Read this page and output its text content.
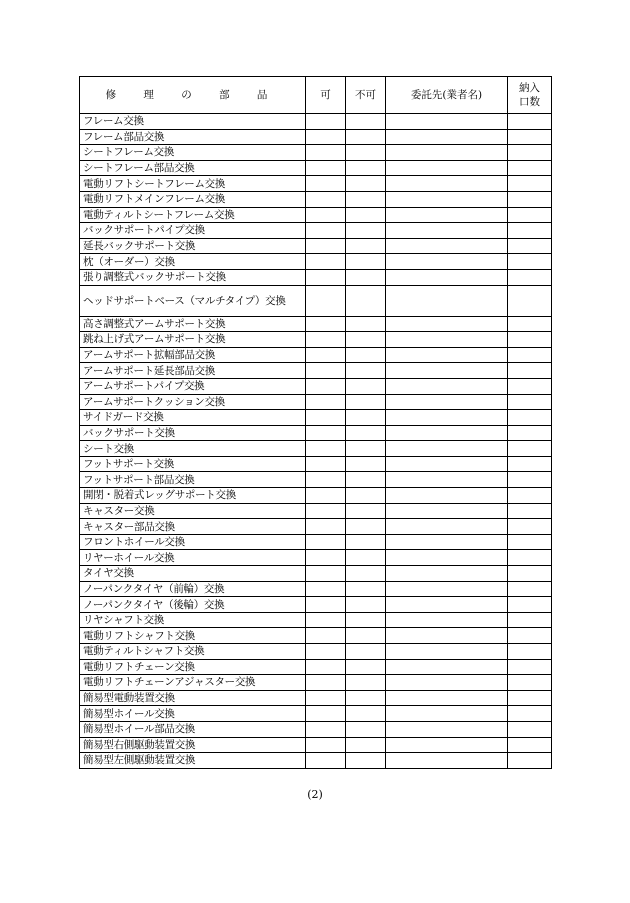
修 理 の 部 品	可	不可	委託先(業者名)	納入
口数

フレーム交換				
フレーム部品交換				
シートフレーム交換				
シートフレーム部品交換				
電動リフトシートフレーム交換				
電動リフトメインフレーム交換				
電動ティルトシートフレーム交換				
バックサポートパイプ交換				
延長バックサポート交換				
枕（オーダー）交換				
張り調整式バックサポート交換				
ヘッドサポートベース（マルチタイプ）交換				
高さ調整式アームサポート交換				
跳ね上げ式アームサポート交換				
アームサポート拡幅部品交換				
アームサポート延長部品交換				
アームサポートパイプ交換				
アームサポートクッション交換				
サイドガード交換				
バックサポート交換				
シート交換				
フットサポート交換				
フットサポート部品交換				
開閉・脱着式レッグサポート交換				
キャスター交換				
キャスター部品交換				
フロントホイール交換				
リヤーホイール交換				
タイヤ交換				
ノーパンクタイヤ（前輪）交換				
ノーパンクタイヤ（後輪）交換				
リヤシャフト交換				
電動リフトシャフト交換				
電動ティルトシャフト交換				
電動リフトチェーン交換				
電動リフトチェーンアジャスター交換				
簡易型電動装置交換				
簡易型ホイール交換				
簡易型ホイール部品交換				
簡易型右側駆動装置交換				
簡易型左側駆動装置交換				
(2)
